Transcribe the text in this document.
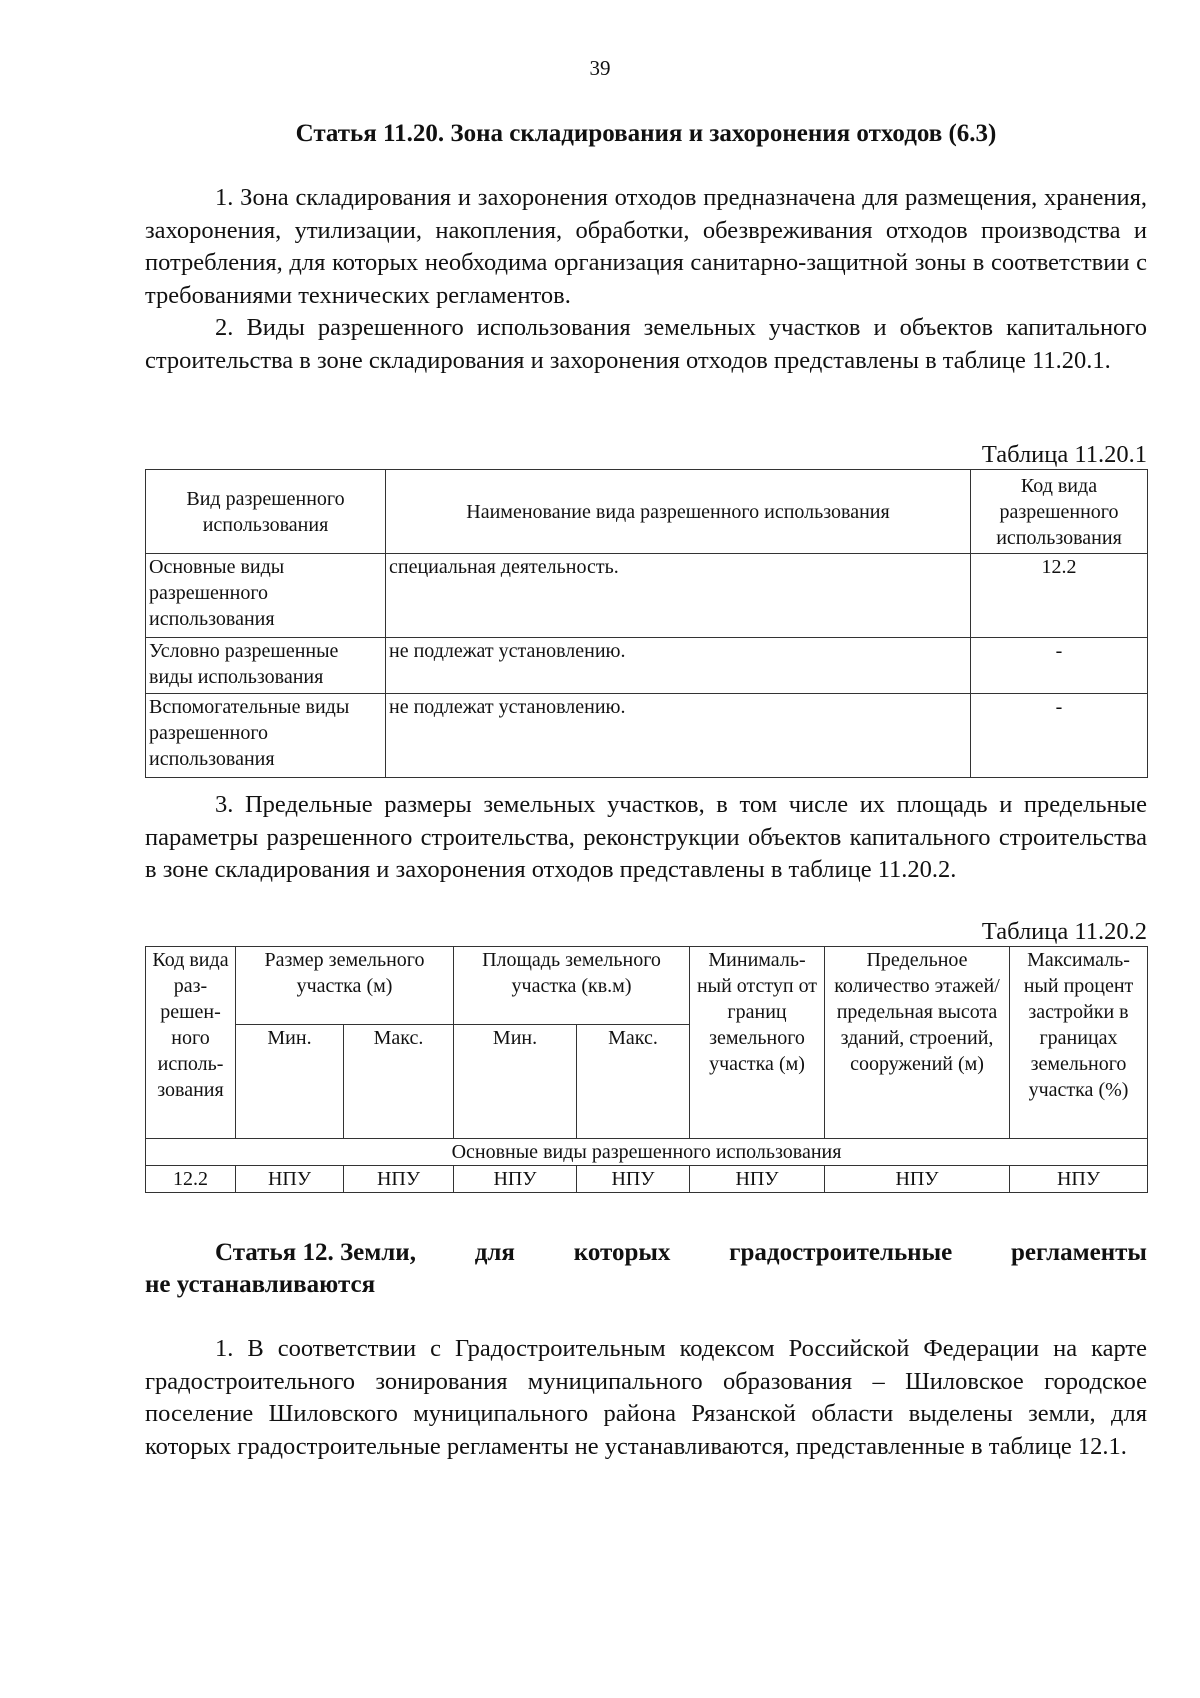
39
Статья 11.20. Зона складирования и захоронения отходов (6.3)

1. Зона складирования и захоронения отходов предназначена для размещения, хранения, захоронения, утилизации, накопления, обработки, обезвреживания отходов производства и потребления, для которых необходима организация санитарно-защитной зоны в соответствии с требованиями технических регламентов.

2. Виды разрешенного использования земельных участков и объектов капитального строительства в зоне складирования и захоронения отходов представлены в таблице 11.20.1.

Таблица 11.20.1
Вид разрешенного использования	Наименование вида разрешенного использования	Код вида разрешенного использования
Основные виды разрешенного использования	специальная деятельность.	12.2
Условно разрешенные виды использования	не подлежат установлению.	-
Вспомогательные виды разрешенного использования	не подлежат установлению.	-

3. Предельные размеры земельных участков, в том числе их площадь и предельные параметры разрешенного строительства, реконструкции объектов капитального строительства в зоне складирования и захоронения отходов представлены в таблице 11.20.2.

Таблица 11.20.2
Код вида раз-решен-ного исполь-зования	Размер земельного участка (м)		Площадь земельного участка (кв.м)		Минималь-ный отступ от границ земельного участка (м)	Предельное количество этажей/ предельная высота зданий, строений, сооружений (м)	Максималь-ный процент застройки в границах земельного участка (%)
	Мин.	Макс.	Мин.	Макс.			
Основные виды разрешенного использования							
12.2	НПУ	НПУ	НПУ	НПУ	НПУ	НПУ	НПУ
Статья 12. Земли, для которых градостроительные регламенты
не устанавливаются

1. В соответствии с Градостроительным кодексом Российской Федерации на карте градостроительного зонирования муниципального образования – Шиловское городское поселение Шиловского муниципального района Рязанской области выделены земли, для которых градостроительные регламенты не устанавливаются, представленные в таблице 12.1.
